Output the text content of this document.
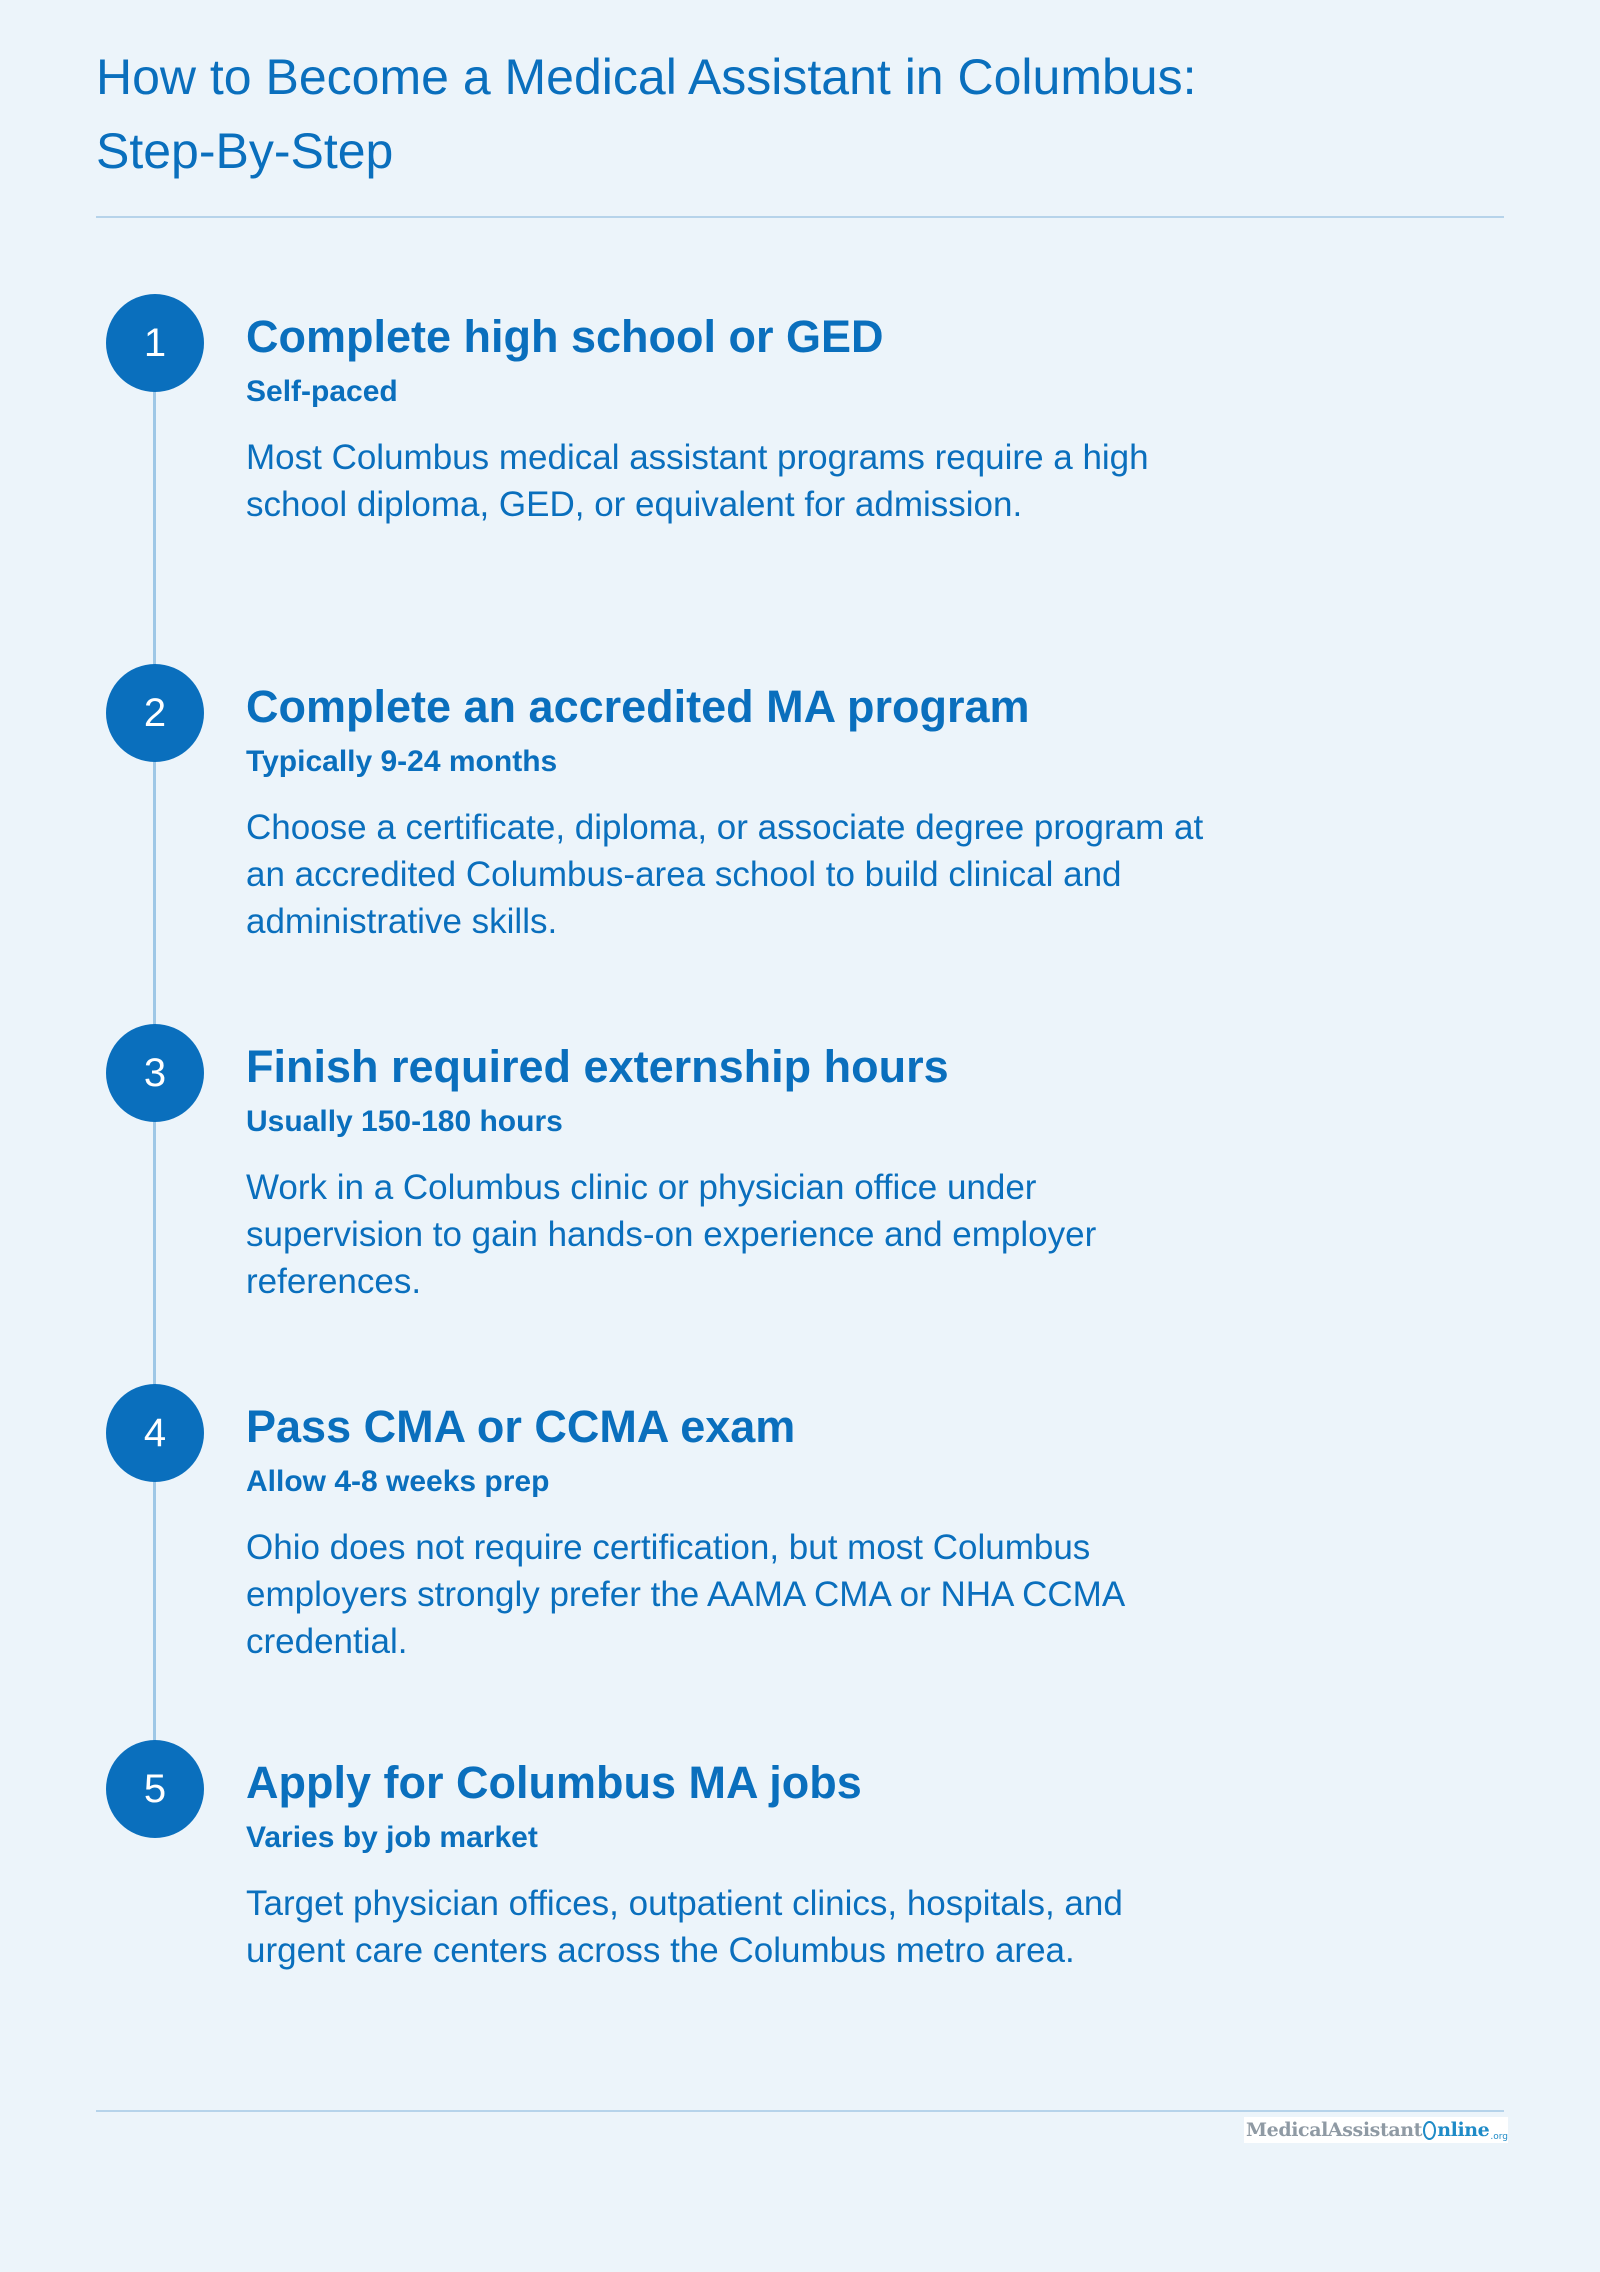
How to Become a Medical Assistant in Columbus:
Step-By-Step
1	Complete high school or GED
Self-paced
Most Columbus medical assistant programs require a high school diploma, GED, or equivalent for admission.
2	Complete an accredited MA program
Typically 9-24 months
Choose a certificate, diploma, or associate degree program at an accredited Columbus-area school to build clinical and administrative skills.
3	Finish required externship hours
Usually 150-180 hours
Work in a Columbus clinic or physician office under supervision to gain hands-on experience and employer references.
4	Pass CMA or CCMA exam
Allow 4-8 weeks prep
Ohio does not require certification, but most Columbus employers strongly prefer the AAMA CMA or NHA CCMA credential.
5	Apply for Columbus MA jobs
Varies by job market
Target physician offices, outpatient clinics, hospitals, and urgent care centers across the Columbus metro area.
MedicalAssistant nline .org
